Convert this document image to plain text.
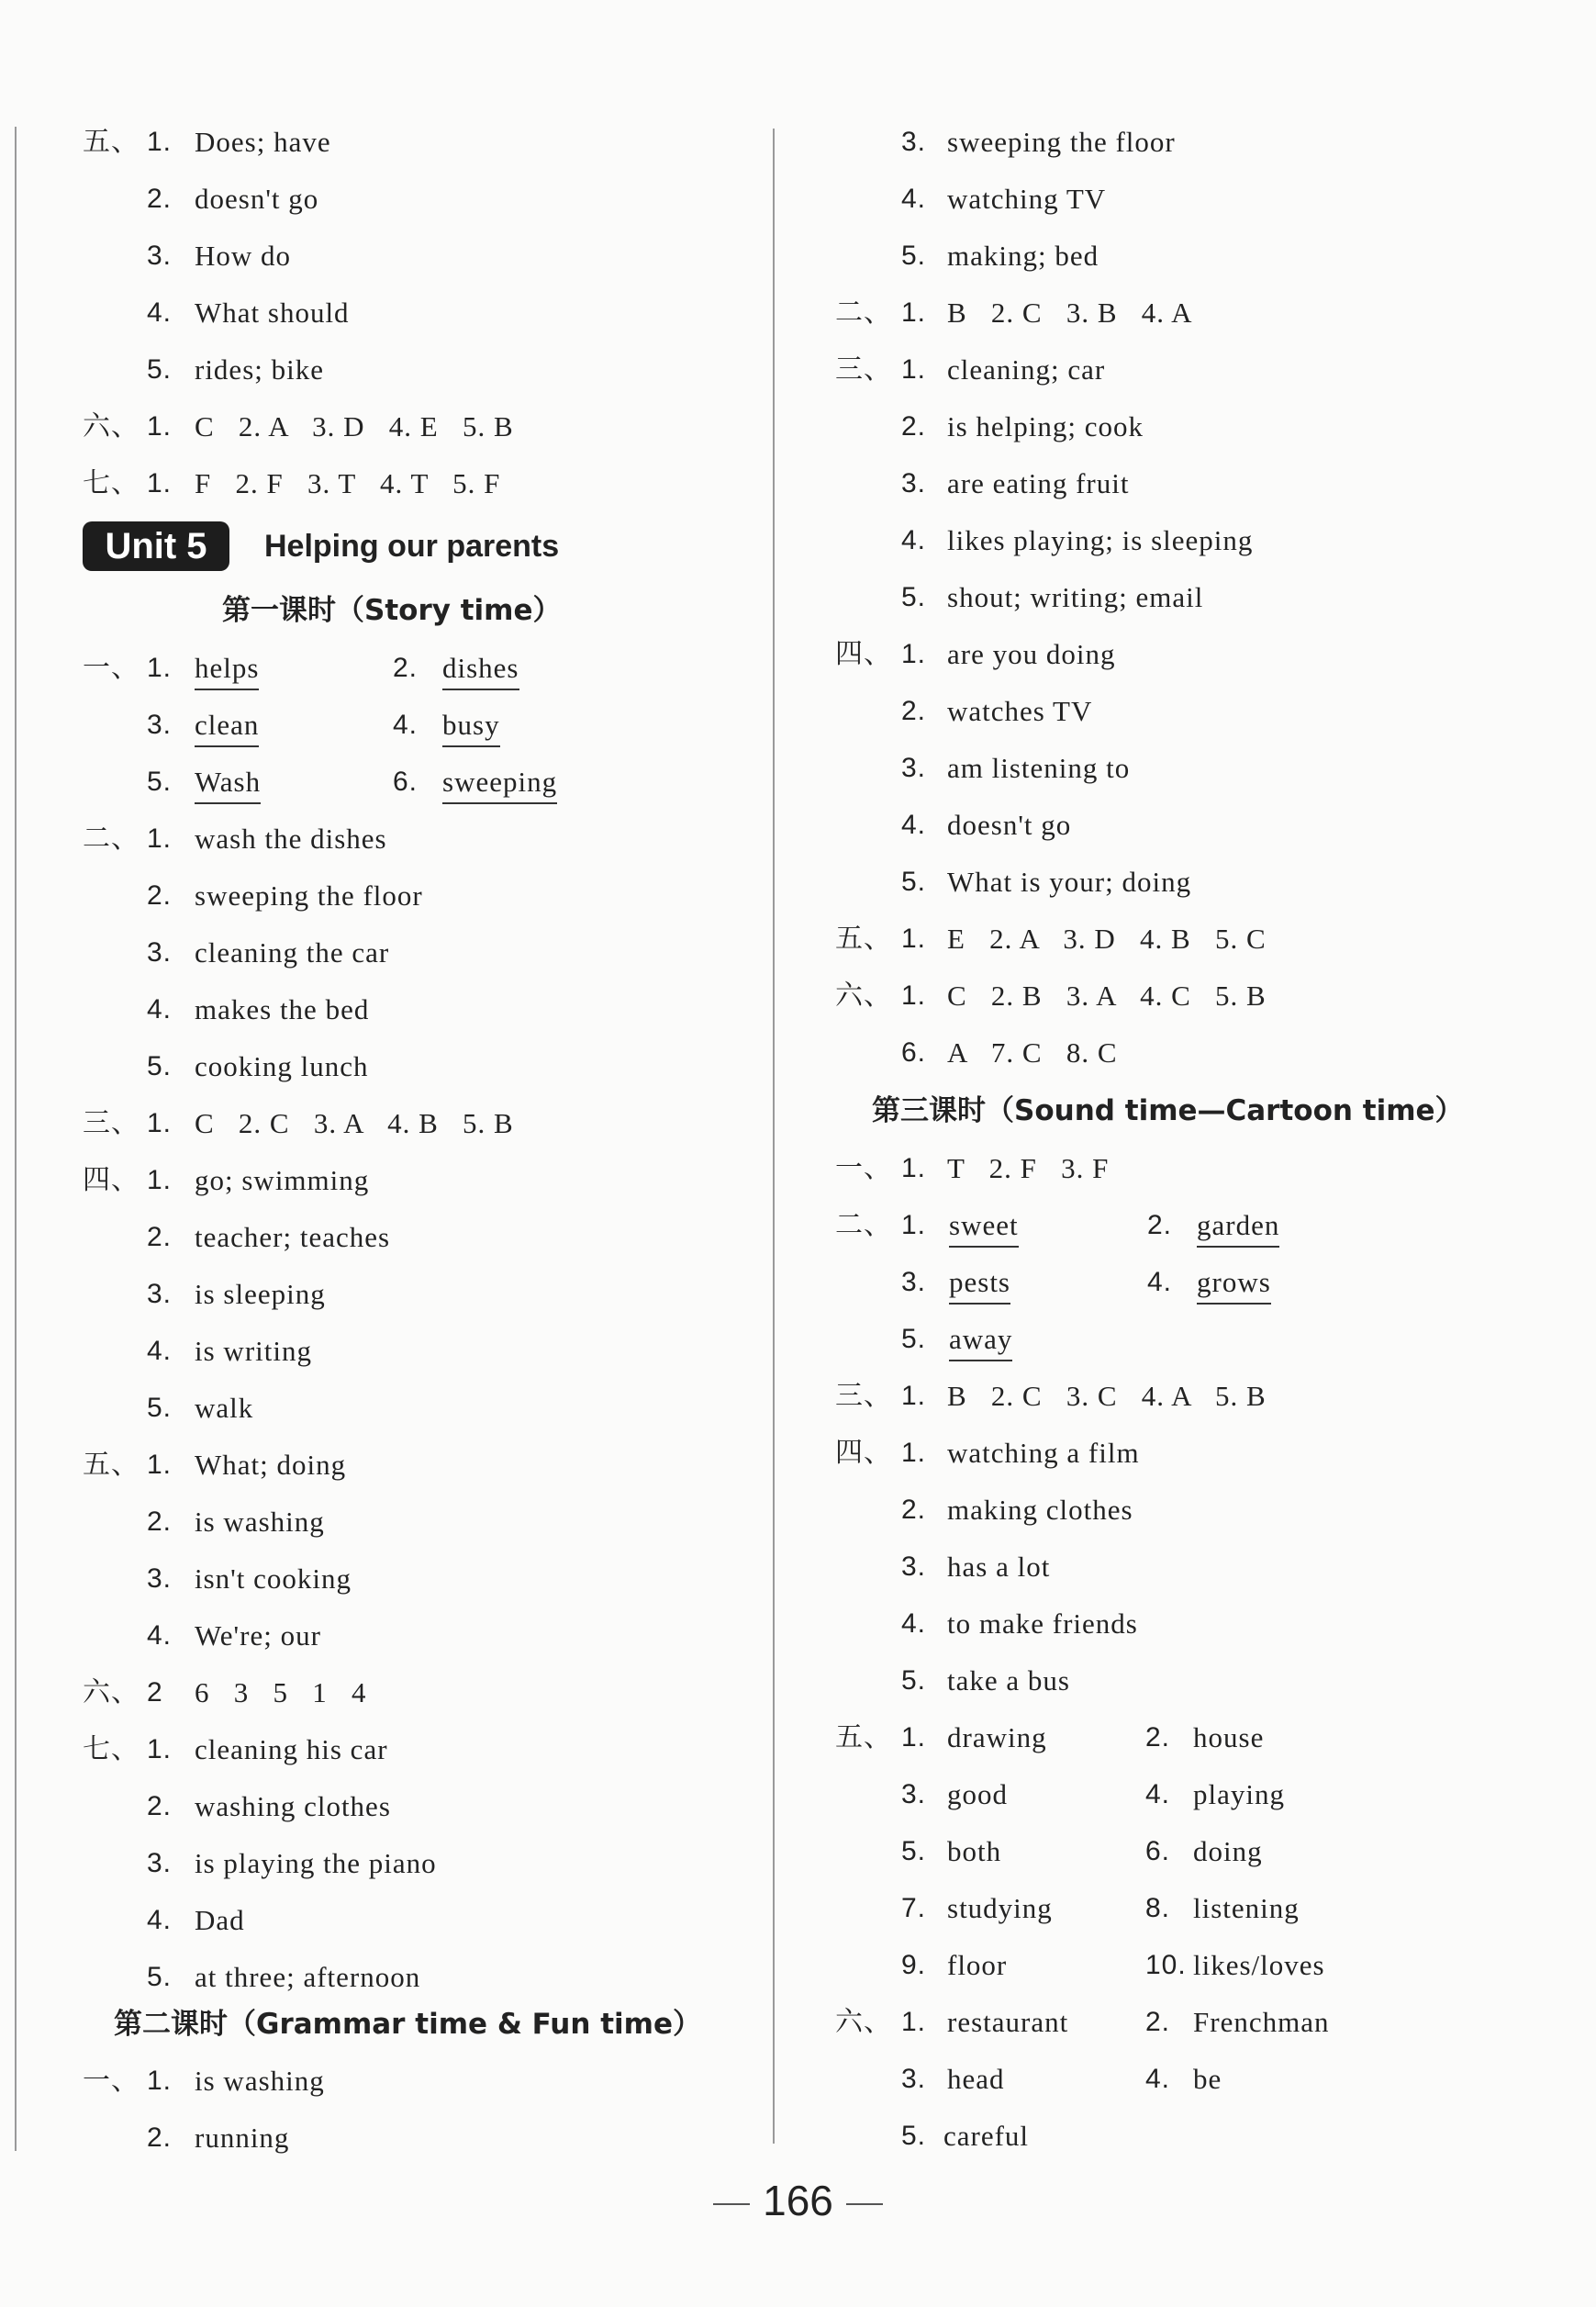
五、 1. Does; have
2. doesn't go
3. How do
4. What should
5. rides; bike
六、 1. C   2. A   3. D   4. E   5. B
七、 1. F   2. F   3. T   4. T   5. F
Unit 5	Helping our parents
第一课时（Story time）
一、 1. helps	2. dishes
3. clean	4. busy
5. Wash	6. sweeping
二、 1. wash the dishes
2. sweeping the floor
3. cleaning the car
4. makes the bed
5. cooking lunch
三、 1. C   2. C   3. A   4. B   5. B
四、 1. go; swimming
2. teacher; teaches
3. is sleeping
4. is writing
5. walk
五、 1. What; doing
2. is washing
3. isn't cooking
4. We're; our
六、 2 6   3   5   1   4
七、 1. cleaning his car
2. washing clothes
3. is playing the piano
4. Dad
5. at three; afternoon
第二课时（Grammar time & Fun time）
一、 1. is washing
2. running
3. sweeping the floor
4. watching TV
5. making; bed
二、 1. B   2. C   3. B   4. A
三、 1. cleaning; car
2. is helping; cook
3. are eating fruit
4. likes playing; is sleeping
5. shout; writing; email
四、 1. are you doing
2. watches TV
3. am listening to
4. doesn't go
5. What is your; doing
五、 1. E   2. A   3. D   4. B   5. C
六、 1. C   2. B   3. A   4. C   5. B
6. A   7. C   8. C
第三课时（Sound time—Cartoon time）
一、 1. T   2. F   3. F
二、 1. sweet	2. garden
3. pests	4. grows
5. away
三、 1. B   2. C   3. C   4. A   5. B
四、 1. watching a film
2. making clothes
3. has a lot
4. to make friends
5. take a bus
五、 1. drawing	2. house
3. good	4. playing
5. both	6. doing
7. studying	8. listening
9. floor	10. likes/loves
六、 1. restaurant	2. Frenchman
3. head	4. be
5. careful
166
